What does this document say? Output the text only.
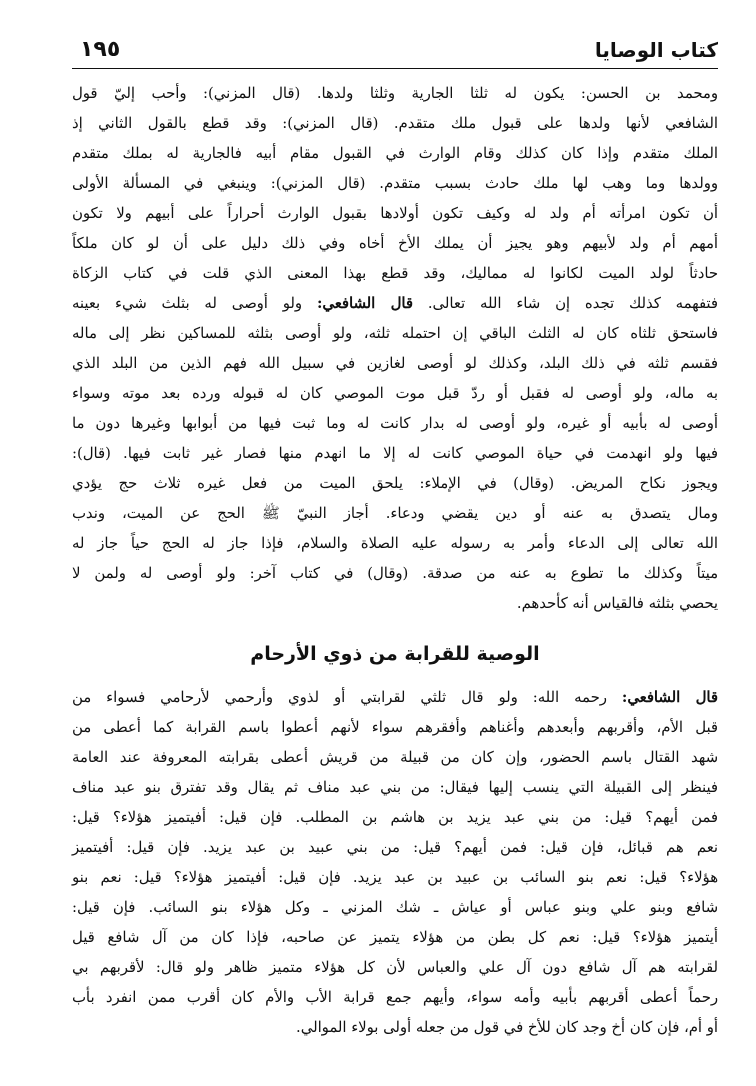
كتاب الوصايا
١٩٥
ومحمد بن الحسن: يكون له ثلثا الجارية وثلثا ولدها. (قال المزني): وأحب إليّ قول
الشافعي لأنها ولدها على قبول ملك متقدم. (قال المزني): وقد قطع بالقول الثاني إذ
الملك متقدم وإذا كان كذلك وقام الوارث في القبول مقام أبيه فالجارية له بملك متقدم
وولدها وما وهب لها ملك حادث بسبب متقدم. (قال المزني): وينبغي في المسألة الأولى
أن تكون امرأته أم ولد له وكيف تكون أولادها بقبول الوارث أحراراً على أبيهم ولا تكون
أمهم أم ولد لأبيهم وهو يجيز أن يملك الأخ أخاه وفي ذلك دليل على أن لو كان ملكاً
حادثاً لولد الميت لكانوا له مماليك، وقد قطع بهذا المعنى الذي قلت في كتاب الزكاة
فتفهمه كذلك تجده إن شاء الله تعالى. قال الشافعي: ولو أوصى له بثلث شيء بعينه
فاستحق ثلثاه كان له الثلث الباقي إن احتمله ثلثه، ولو أوصى بثلثه للمساكين نظر إلى ماله
فقسم ثلثه في ذلك البلد، وكذلك لو أوصى لغازين في سبيل الله فهم الذين من البلد الذي
به ماله، ولو أوصى له فقبل أو ردّ قبل موت الموصي كان له قبوله ورده بعد موته وسواء
أوصى له بأبيه أو غيره، ولو أوصى له بدار كانت له وما ثبت فيها من أبوابها وغيرها دون ما
فيها ولو انهدمت في حياة الموصي كانت له إلا ما انهدم منها فصار غير ثابت فيها. (قال):
ويجوز نكاح المريض. (وقال) في الإملاء: يلحق الميت من فعل غيره ثلاث حج يؤدي
ومال يتصدق به عنه أو دين يقضي ودعاء. أجاز النبيّ ﷺ الحج عن الميت، وندب
الله تعالى إلى الدعاء وأمر به رسوله عليه الصلاة والسلام، فإذا جاز له الحج حياً جاز له
ميتاً وكذلك ما تطوع به عنه من صدقة. (وقال) في كتاب آخر: ولو أوصى له ولمن لا
يحصي بثلثه فالقياس أنه كأحدهم.
الوصية للقرابة من ذوي الأرحام
قال الشافعي: رحمه الله: ولو قال ثلثي لقرابتي أو لذوي وأرحمي لأرحامي فسواء من
قبل الأم، وأقربهم وأبعدهم وأغناهم وأفقرهم سواء لأنهم أعطوا باسم القرابة كما أعطى من
شهد القتال باسم الحضور، وإن كان من قبيلة من قريش أعطى بقرابته المعروفة عند العامة
فينظر إلى القبيلة التي ينسب إليها فيقال: من بني عبد مناف ثم يقال وقد تفترق بنو عبد مناف
فمن أيهم؟ قيل: من بني عبد يزيد بن هاشم بن المطلب. فإن قيل: أفيتميز هؤلاء؟ قيل:
نعم هم قبائل، فإن قيل: فمن أيهم؟ قيل: من بني عبيد بن عبد يزيد. فإن قيل: أفيتميز
هؤلاء؟ قيل: نعم بنو السائب بن عبيد بن عبد يزيد. فإن قيل: أفيتميز هؤلاء؟ قيل: نعم بنو
شافع وبنو علي وبنو عباس أو عياش ـ شك المزني ـ وكل هؤلاء بنو السائب. فإن قيل:
أيتميز هؤلاء؟ قيل: نعم كل بطن من هؤلاء يتميز عن صاحبه، فإذا كان من آل شافع قيل
لقرابته هم آل شافع دون آل علي والعباس لأن كل هؤلاء متميز ظاهر ولو قال: لأقربهم بي
رحماً أعطى أقربهم بأبيه وأمه سواء، وأيهم جمع قرابة الأب والأم كان أقرب ممن انفرد بأب
أو أم، فإن كان أخ وجد كان للأخ في قول من جعله أولى بولاء الموالي.
